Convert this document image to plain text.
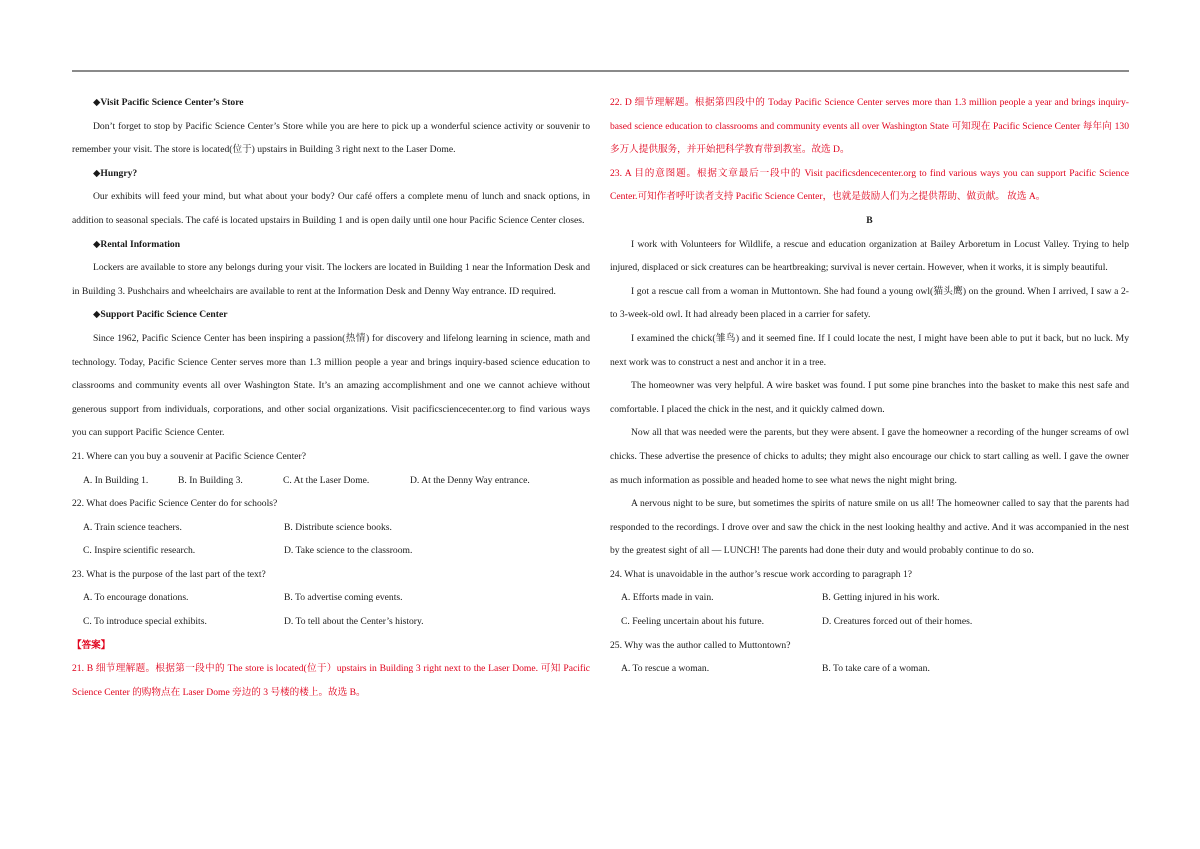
◆Visit Pacific Science Center’s Store
Don’t forget to stop by Pacific Science Center’s Store while you are here to pick up a wonderful science activity or souvenir to remember your visit. The store is located(位于) upstairs in Building 3 right next to the Laser Dome.
◆Hungry?
Our exhibits will feed your mind, but what about your body? Our café offers a complete menu of lunch and snack options, in addition to seasonal specials. The café is located upstairs in Building 1 and is open daily until one hour Pacific Science Center closes.
◆Rental Information
Lockers are available to store any belongs during your visit. The lockers are located in Building 1 near the Information Desk and in Building 3. Pushchairs and wheelchairs are available to rent at the Information Desk and Denny Way entrance. ID required.
◆Support Pacific Science Center
Since 1962, Pacific Science Center has been inspiring a passion(热情) for discovery and lifelong learning in science, math and technology. Today, Pacific Science Center serves more than 1.3 million people a year and brings inquiry-based science education to classrooms and community events all over Washington State. It’s an amazing accomplishment and one we cannot achieve without generous support from individuals, corporations, and other social organizations. Visit pacificsciencecenter.org to find various ways you can support Pacific Science Center.
21. Where can you buy a souvenir at Pacific Science Center?
A. In Building 1.	B. In Building 3.	C. At the Laser Dome.	D. At the Denny Way entrance.
22. What does Pacific Science Center do for schools?
A. Train science teachers.	B. Distribute science books.
C. Inspire scientific research.	D. Take science to the classroom.
23. What is the purpose of the last part of the text?
A. To encourage donations.	B. To advertise coming events.
C. To introduce special exhibits.	D. To tell about the Center’s history.
【答案】
21. B 细节理解题。根据第一段中的 The store is located(位于）upstairs in Building 3 right next to the Laser Dome. 可知 Pacific Science Center 的购物点在 Laser Dome 旁边的 3 号楼的楼上。故选 B。
22. D 细节理解题。根据第四段中的 Today Pacific Science Center serves more than 1.3 million people a year and brings inquiry-based science education to classrooms and community events all over Washington State 可知现在 Pacific Science Center 每年向 130 多万人提供服务，并开始把科学教育带到教室。故选 D。
23. A 目的意图题。根据文章最后一段中的 Visit pacificsdencecenter.org to find various ways you can support Pacific Science Center.可知作者呼吁读者支持 Pacific Science Center，也就是鼓励人们为之提供帮助、做贡献。 故选 A。
B
I work with Volunteers for Wildlife, a rescue and education organization at Bailey Arboretum in Locust Valley. Trying to help injured, displaced or sick creatures can be heartbreaking; survival is never certain. However, when it works, it is simply beautiful.
I got a rescue call from a woman in Muttontown. She had found a young owl(猫头鹰) on the ground. When I arrived, I saw a 2-to 3-week-old owl. It had already been placed in a carrier for safety.
I examined the chick(雏鸟) and it seemed fine. If I could locate the nest, I might have been able to put it back, but no luck. My next work was to construct a nest and anchor it in a tree.
The homeowner was very helpful. A wire basket was found. I put some pine branches into the basket to make this nest safe and comfortable. I placed the chick in the nest, and it quickly calmed down.
Now all that was needed were the parents, but they were absent. I gave the homeowner a recording of the hunger screams of owl chicks. These advertise the presence of chicks to adults; they might also encourage our chick to start calling as well. I gave the owner as much information as possible and headed home to see what news the night might bring.
A nervous night to be sure, but sometimes the spirits of nature smile on us all! The homeowner called to say that the parents had responded to the recordings. I drove over and saw the chick in the nest looking healthy and active. And it was accompanied in the nest by the greatest sight of all — LUNCH! The parents had done their duty and would probably continue to do so.
24. What is unavoidable in the author’s rescue work according to paragraph 1?
A. Efforts made in vain.	B. Getting injured in his work.
C. Feeling uncertain about his future.	D. Creatures forced out of their homes.
25. Why was the author called to Muttontown?
A. To rescue a woman.	B. To take care of a woman.
